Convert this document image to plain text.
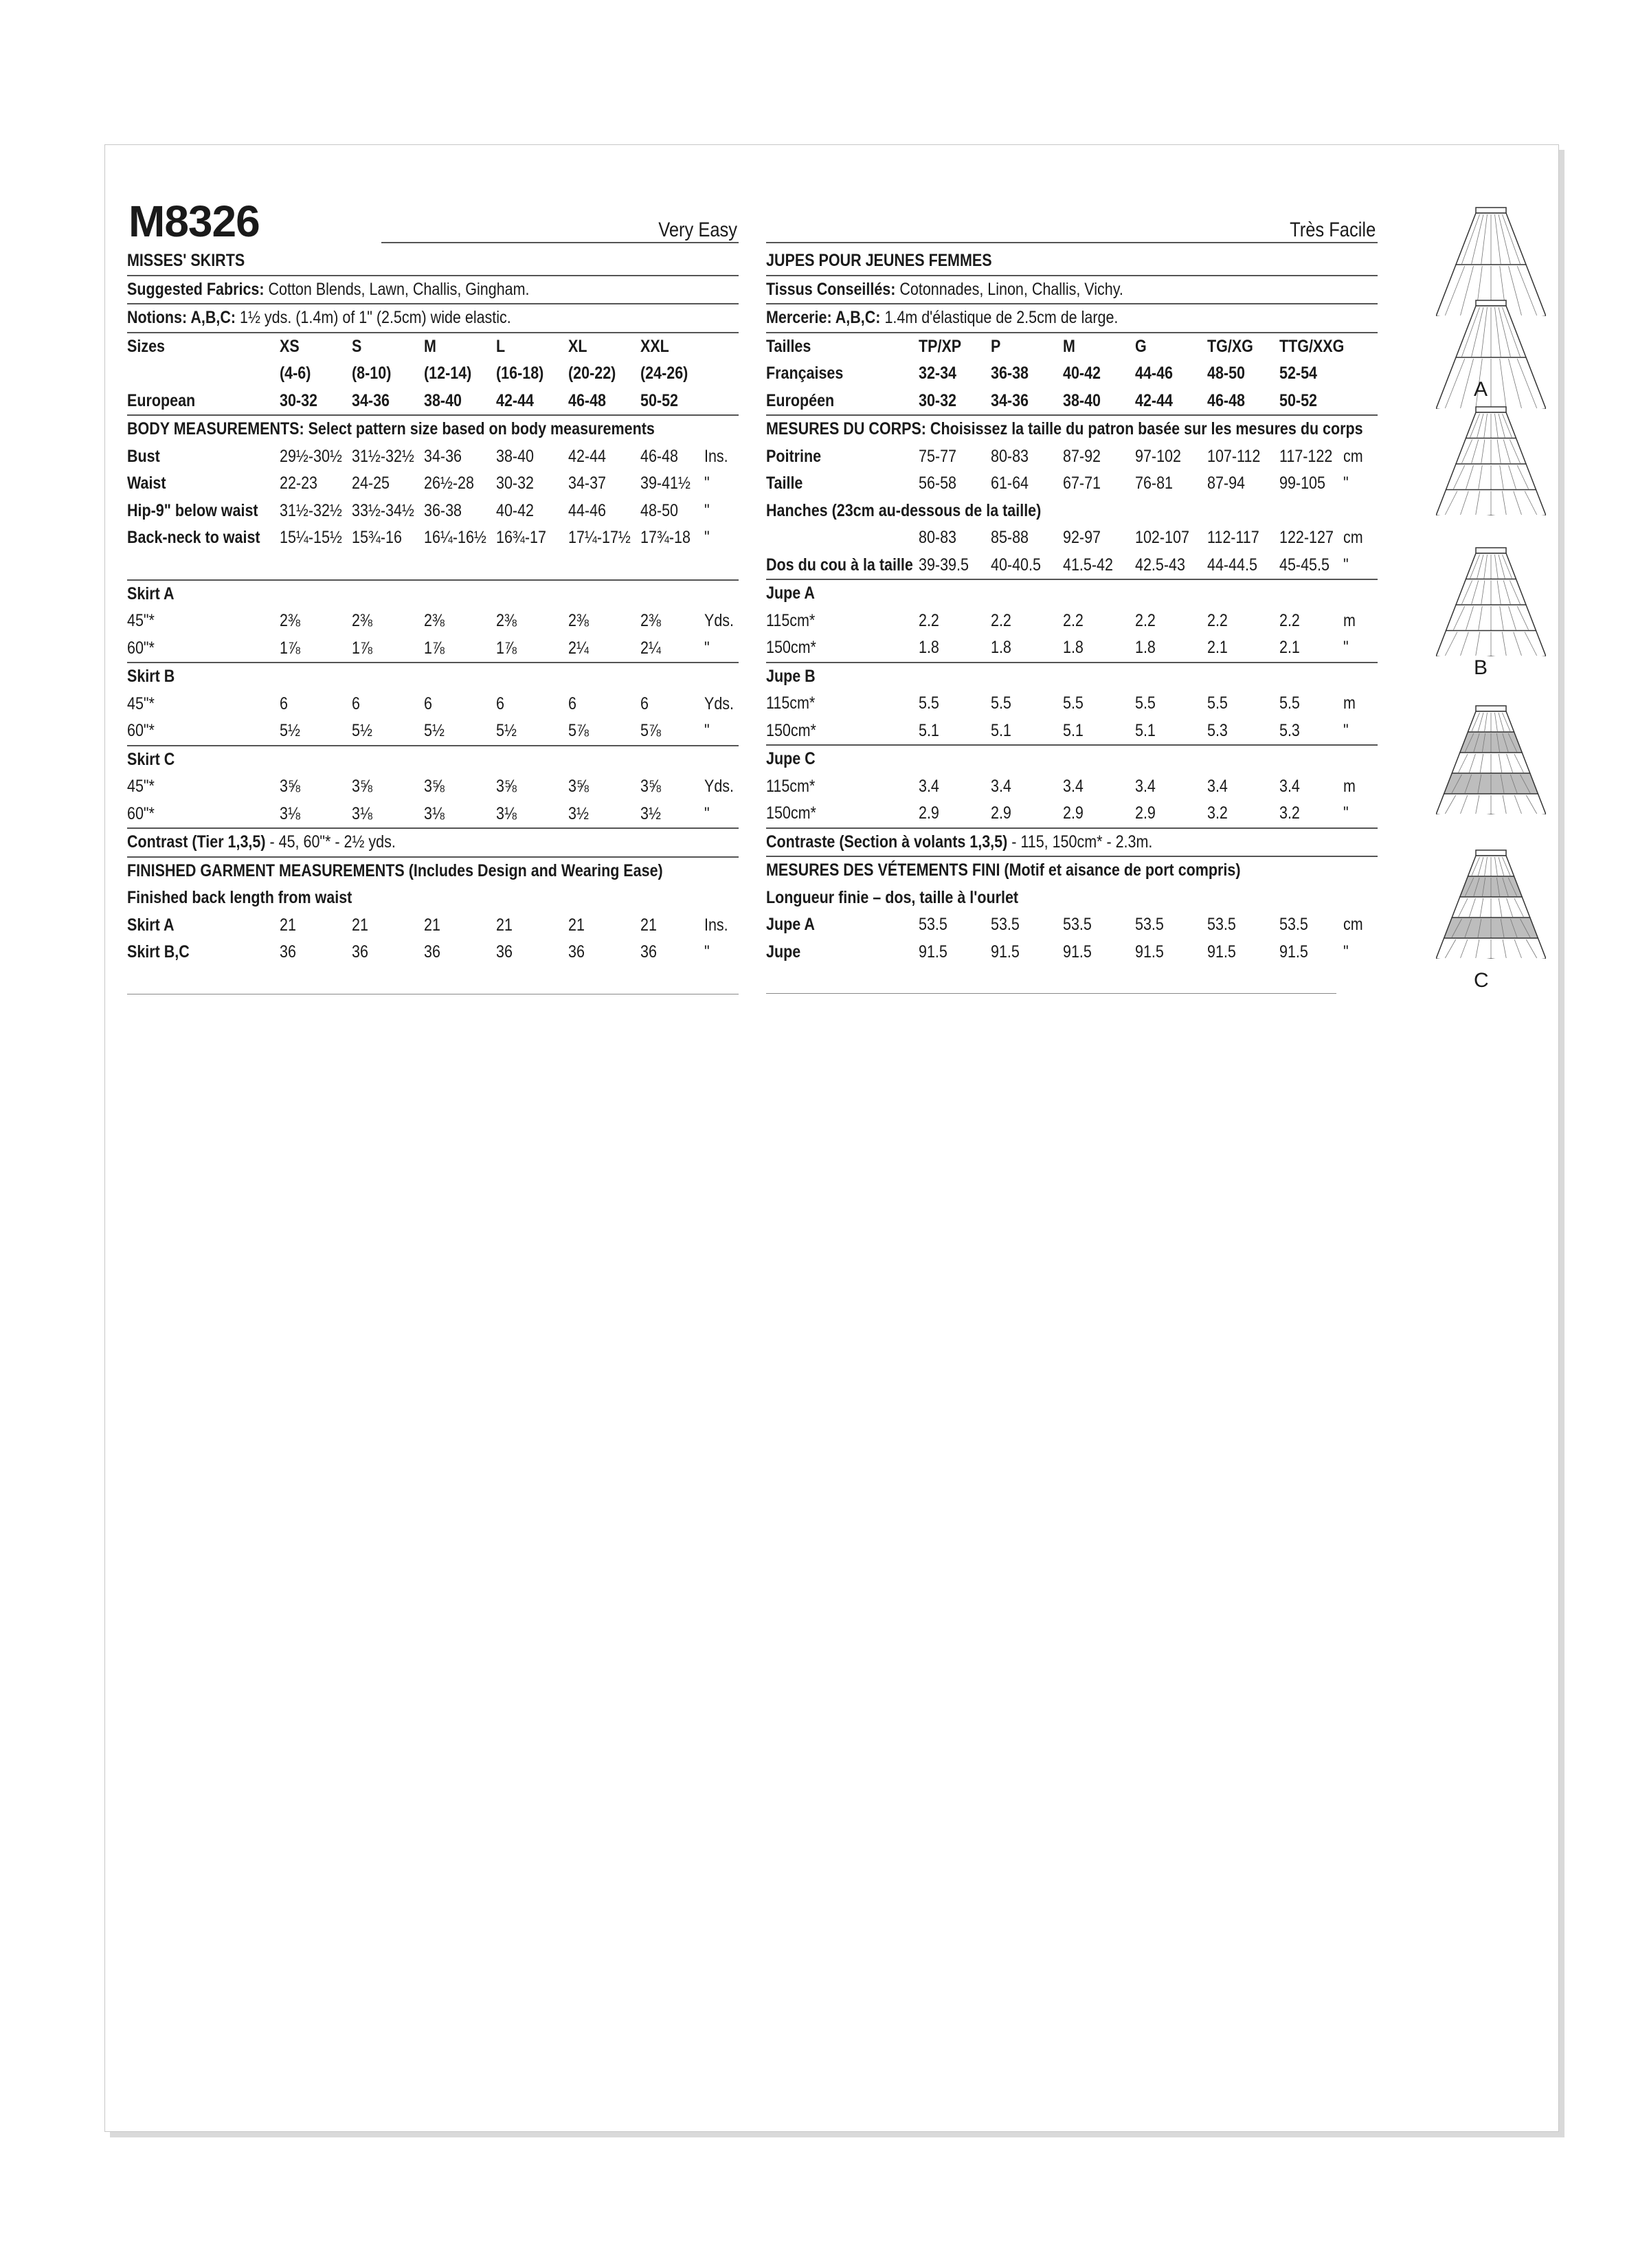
M8326	Very Easy	Très Facile
MISSES' SKIRTS
Suggested Fabrics: Cotton Blends, Lawn, Challis, Gingham.
Notions: A,B,C: 1½ yds. (1.4m) of 1" (2.5cm) wide elastic.
Sizes	XS	S	M	L	XL	XXL
(4-6) (8-10) (12-14) (16-18) (20-22) (24-26)
European	30-32 34-36 38-40 42-44 46-48 50-52
BODY MEASUREMENTS: Select pattern size based on body measurements
Bust	29½-30½ 31½-32½ 34-36 38-40 42-44 46-48 Ins.
Waist	22-23 24-25 26½-28 30-32 34-37 39-41½ "
Hip-9" below waist 31½-32½ 33½-34½ 36-38 40-42 44-46 48-50 "
Back-neck to waist 15¼-15½ 15¾-16 16¼-16½ 16¾-17 17¼-17½ 17¾-18 "
Skirt A
45"*	2⅜	2⅜	2⅜	2⅜	2⅜	2⅜	Yds.
60"*	1⅞	1⅞	1⅞	1⅞	2¼	2¼	"
Skirt B
45"*	6	6	6	6	6	6	Yds.
60"*	5½	5½	5½	5½	5⅞	5⅞	"
Skirt C
45"*	3⅝	3⅝	3⅝	3⅝	3⅝	3⅝	Yds.
60"*	3⅛	3⅛	3⅛	3⅛	3½	3½	"
Contrast (Tier 1,3,5) - 45, 60"* - 2½ yds.
FINISHED GARMENT MEASUREMENTS (Includes Design and Wearing Ease)
Finished back length from waist
Skirt A	21	21	21	21	21	21	Ins.
Skirt B,C	36	36	36	36	36	36	"
JUPES POUR JEUNES FEMMES
Tissus Conseillés: Cotonnades, Linon, Challis, Vichy.
Mercerie: A,B,C: 1.4m d'élastique de 2.5cm de large.
Tailles	TP/XP P	M	G	TG/XG TTG/XXG
Françaises	32-34 36-38 40-42 44-46 48-50 52-54
Européen	30-32 34-36 38-40 42-44 46-48 50-52
MESURES DU CORPS: Choisissez la taille du patron basée sur les mesures du corps
Poitrine	75-77 80-83 87-92 97-102 107-112 117-122 cm
Taille	56-58 61-64 67-71 76-81 87-94 99-105 "
Hanches (23cm au-dessous de la taille)
80-83 85-88 92-97 102-107 112-117 122-127 cm
Dos du cou à la taille 39-39.5 40-40.5 41.5-42 42.5-43 44-44.5 45-45.5 "
Jupe A
115cm*	2.2	2.2	2.2	2.2	2.2	2.2	m
150cm*	1.8	1.8	1.8	1.8	2.1	2.1	"
Jupe B
115cm*	5.5	5.5	5.5	5.5	5.5	5.5	m
150cm*	5.1	5.1	5.1	5.1	5.3	5.3	"
Jupe C
115cm*	3.4	3.4	3.4	3.4	3.4	3.4	m
150cm*	2.9	2.9	2.9	2.9	3.2	3.2	"
Contraste (Section à volants 1,3,5) - 115, 150cm* - 2.3m.
MESURES DES VÉTEMENTS FINI (Motif et aisance de port compris)
Longueur finie – dos, taille à l'ourlet
Jupe A	53.5	53.5	53.5	53.5	53.5	53.5 cm
Jupe	91.5	91.5	91.5	91.5	91.5	91.5 "
A
B
C
